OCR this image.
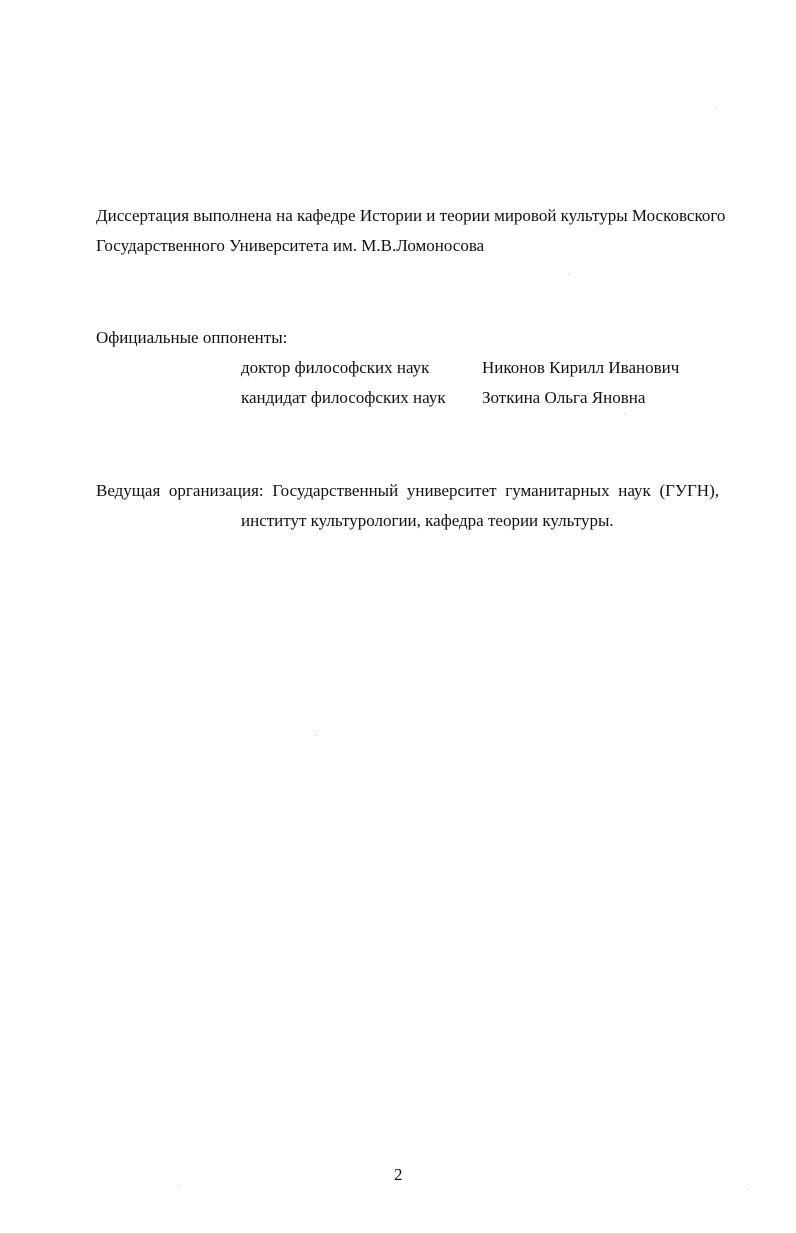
Диссертация выполнена на кафедре Истории и теории мировой культуры Московского
Государственного Университета им. М.В.Ломоносова
Официальные оппоненты:
доктор философских наук	Никонов Кирилл Иванович
кандидат философских наук Зоткина Ольга Яновна
Ведущая организация: Государственный университет гуманитарных наук (ГУГН),
институт культурологии, кафедра теории культуры.
2
